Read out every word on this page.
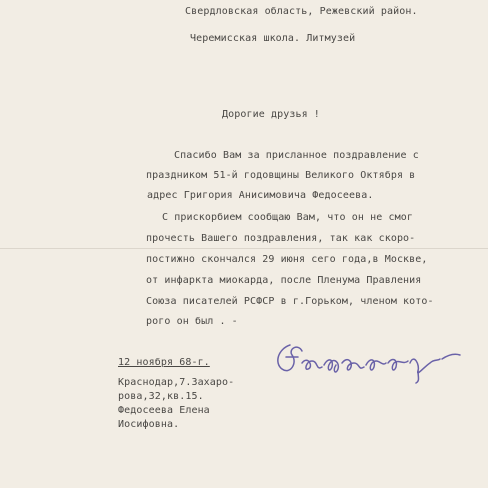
Свердловская область, Режевский район.
Черемисская школа. Литмузей
Дорогие друзья !
Спасибо Вам за присланное поздравление с
праздником 51-й годовщины Великого Октября в
адрес Григория Анисимовича Федосеева.
С прискорбием сообщаю Вам, что он не смог
прочесть Вашего поздравления, так как скоро-
постижно скончался 29 июня сего года,в Москве,
от инфаркта миокарда, после Пленума Правления
Союза писателей РСФСР в г.Горьком, членом кото-
рого он был . -
12 ноября 68-г.
Краснодар,7.Захаро-
рова,32,кв.15.
Федосеева Елена
Иосифовна.
